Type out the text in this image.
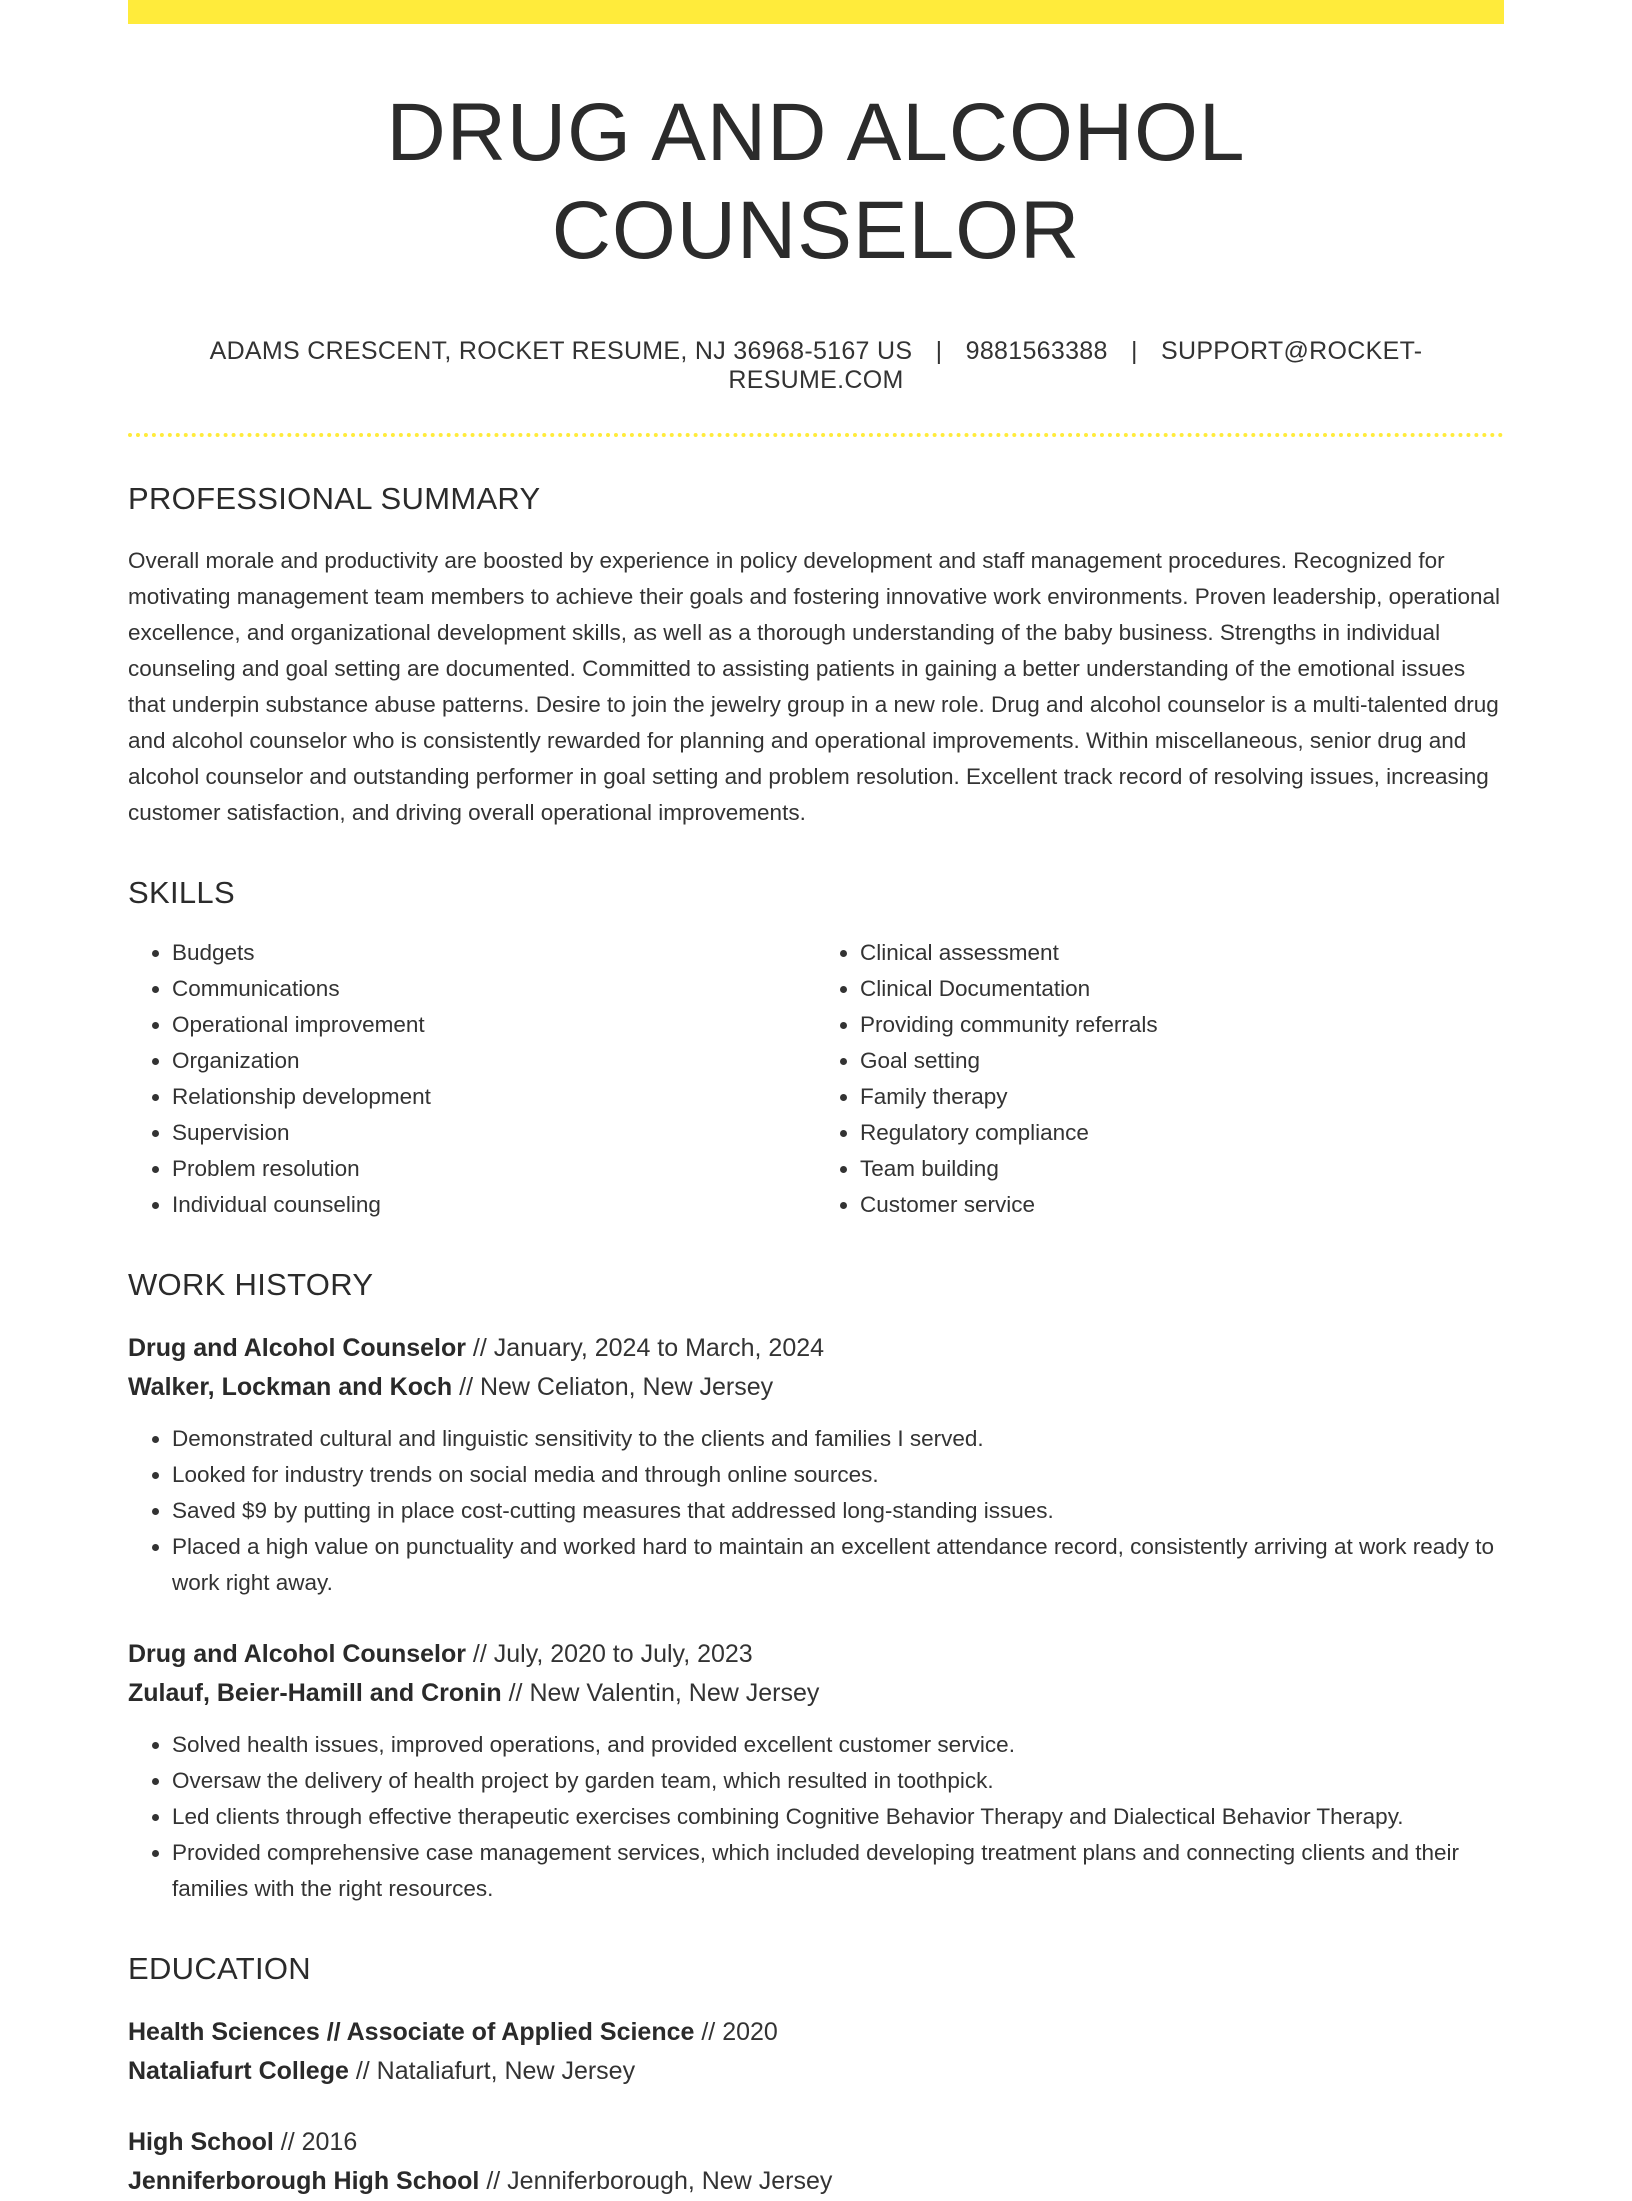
DRUG AND ALCOHOL COUNSELOR
ADAMS CRESCENT, ROCKET RESUME, NJ 36968-5167 US | 9881563388 | SUPPORT@ROCKET-RESUME.COM
PROFESSIONAL SUMMARY
Overall morale and productivity are boosted by experience in policy development and staff management procedures. Recognized for motivating management team members to achieve their goals and fostering innovative work environments. Proven leadership, operational excellence, and organizational development skills, as well as a thorough understanding of the baby business. Strengths in individual counseling and goal setting are documented. Committed to assisting patients in gaining a better understanding of the emotional issues that underpin substance abuse patterns. Desire to join the jewelry group in a new role. Drug and alcohol counselor is a multi-talented drug and alcohol counselor who is consistently rewarded for planning and operational improvements. Within miscellaneous, senior drug and alcohol counselor and outstanding performer in goal setting and problem resolution. Excellent track record of resolving issues, increasing customer satisfaction, and driving overall operational improvements.
SKILLS
• Budgets
• Communications
• Operational improvement
• Organization
• Relationship development
• Supervision
• Problem resolution
• Individual counseling
• Clinical assessment
• Clinical Documentation
• Providing community referrals
• Goal setting
• Family therapy
• Regulatory compliance
• Team building
• Customer service
WORK HISTORY
Drug and Alcohol Counselor // January, 2024 to March, 2024
Walker, Lockman and Koch // New Celiaton, New Jersey
• Demonstrated cultural and linguistic sensitivity to the clients and families I served.
• Looked for industry trends on social media and through online sources.
• Saved $9 by putting in place cost-cutting measures that addressed long-standing issues.
• Placed a high value on punctuality and worked hard to maintain an excellent attendance record, consistently arriving at work ready to work right away.
Drug and Alcohol Counselor // July, 2020 to July, 2023
Zulauf, Beier-Hamill and Cronin // New Valentin, New Jersey
• Solved health issues, improved operations, and provided excellent customer service.
• Oversaw the delivery of health project by garden team, which resulted in toothpick.
• Led clients through effective therapeutic exercises combining Cognitive Behavior Therapy and Dialectical Behavior Therapy.
• Provided comprehensive case management services, which included developing treatment plans and connecting clients and their families with the right resources.
EDUCATION
Health Sciences // Associate of Applied Science // 2020
Nataliafurt College // Nataliafurt, New Jersey
High School // 2016
Jenniferborough High School // Jenniferborough, New Jersey
